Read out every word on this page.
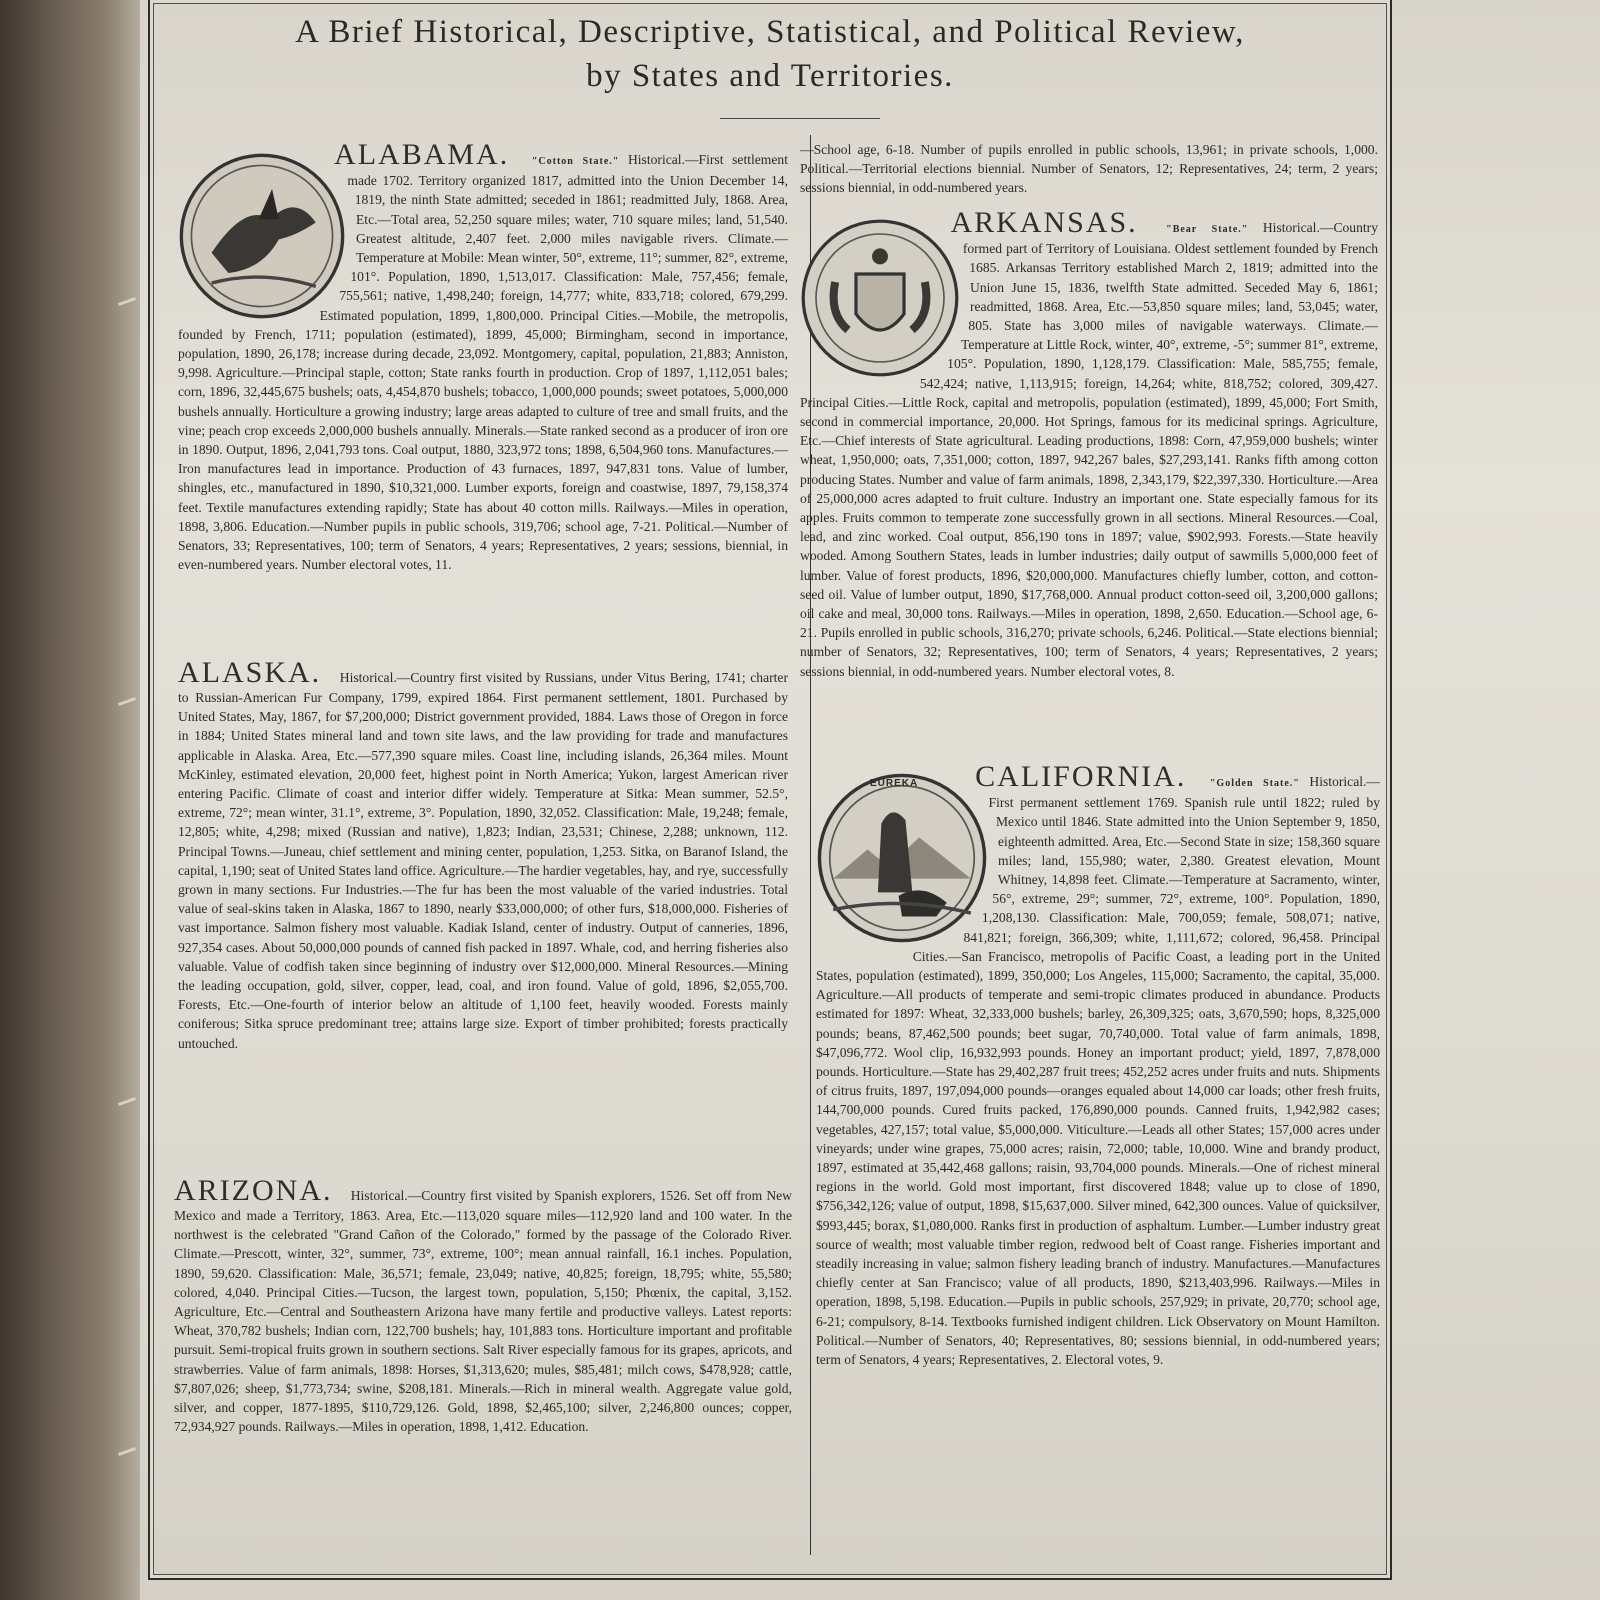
A Brief Historical, Descriptive, Statistical, and Political Review,
by States and Territories.

ALABAMA. "Cotton State." Historical.—First settlement made 1702. Territory organized 1817, admitted into the Union December 14, 1819, the ninth State admitted; seceded in 1861; readmitted July, 1868. Area, Etc.—Total area, 52,250 square miles; water, 710 square miles; land, 51,540. Greatest altitude, 2,407 feet. 2,000 miles navigable rivers. Climate.—Temperature at Mobile: Mean winter, 50°, extreme, 11°; summer, 82°, extreme, 101°. Population, 1890, 1,513,017. Classification: Male, 757,456; female, 755,561; native, 1,498,240; foreign, 14,777; white, 833,718; colored, 679,299. Estimated population, 1899, 1,800,000. Principal Cities.—Mobile, the metropolis, founded by French, 1711; population (estimated), 1899, 45,000; Birmingham, second in importance, population, 1890, 26,178; increase during decade, 23,092. Montgomery, capital, population, 21,883; Anniston, 9,998. Agriculture.—Principal staple, cotton; State ranks fourth in production. Crop of 1897, 1,112,051 bales; corn, 1896, 32,445,675 bushels; oats, 4,454,870 bushels; tobacco, 1,000,000 pounds; sweet potatoes, 5,000,000 bushels annually. Horticulture a growing industry; large areas adapted to culture of tree and small fruits, and the vine; peach crop exceeds 2,000,000 bushels annually. Minerals.—State ranked second as a producer of iron ore in 1890. Output, 1896, 2,041,793 tons. Coal output, 1880, 323,972 tons; 1898, 6,504,960 tons. Manufactures.—Iron manufactures lead in importance. Production of 43 furnaces, 1897, 947,831 tons. Value of lumber, shingles, etc., manufactured in 1890, $10,321,000. Lumber exports, foreign and coastwise, 1897, 79,158,374 feet. Textile manufactures extending rapidly; State has about 40 cotton mills. Railways.—Miles in operation, 1898, 3,806. Education.—Number pupils in public schools, 319,706; school age, 7-21. Political.—Number of Senators, 33; Representatives, 100; term of Senators, 4 years; Representatives, 2 years; sessions, biennial, in even-numbered years. Number electoral votes, 11.

ALASKA. Historical.—Country first visited by Russians, under Vitus Bering, 1741; charter to Russian-American Fur Company, 1799, expired 1864. First permanent settlement, 1801. Purchased by United States, May, 1867, for $7,200,000; District government provided, 1884. Laws those of Oregon in force in 1884; United States mineral land and town site laws, and the law providing for trade and manufactures applicable in Alaska. Area, Etc.—577,390 square miles. Coast line, including islands, 26,364 miles. Mount McKinley, estimated elevation, 20,000 feet, highest point in North America; Yukon, largest American river entering Pacific. Climate of coast and interior differ widely. Temperature at Sitka: Mean summer, 52.5°, extreme, 72°; mean winter, 31.1°, extreme, 3°. Population, 1890, 32,052. Classification: Male, 19,248; female, 12,805; white, 4,298; mixed (Russian and native), 1,823; Indian, 23,531; Chinese, 2,288; unknown, 112. Principal Towns.—Juneau, chief settlement and mining center, population, 1,253. Sitka, on Baranof Island, the capital, 1,190; seat of United States land office. Agriculture.—The hardier vegetables, hay, and rye, successfully grown in many sections. Fur Industries.—The fur has been the most valuable of the varied industries. Total value of seal-skins taken in Alaska, 1867 to 1890, nearly $33,000,000; of other furs, $18,000,000. Fisheries of vast importance. Salmon fishery most valuable. Kadiak Island, center of industry. Output of canneries, 1896, 927,354 cases. About 50,000,000 pounds of canned fish packed in 1897. Whale, cod, and herring fisheries also valuable. Value of codfish taken since beginning of industry over $12,000,000. Mineral Resources.—Mining the leading occupation, gold, silver, copper, lead, coal, and iron found. Value of gold, 1896, $2,055,700. Forests, Etc.—One-fourth of interior below an altitude of 1,100 feet, heavily wooded. Forests mainly coniferous; Sitka spruce predominant tree; attains large size. Export of timber prohibited; forests practically untouched.

ARIZONA. Historical.—Country first visited by Spanish explorers, 1526. Set off from New Mexico and made a Territory, 1863. Area, Etc.—113,020 square miles—112,920 land and 100 water. In the northwest is the celebrated "Grand Cañon of the Colorado," formed by the passage of the Colorado River. Climate.—Prescott, winter, 32°, summer, 73°, extreme, 100°; mean annual rainfall, 16.1 inches. Population, 1890, 59,620. Classification: Male, 36,571; female, 23,049; native, 40,825; foreign, 18,795; white, 55,580; colored, 4,040. Principal Cities.—Tucson, the largest town, population, 5,150; Phœnix, the capital, 3,152. Agriculture, Etc.—Central and Southeastern Arizona have many fertile and productive valleys. Latest reports: Wheat, 370,782 bushels; Indian corn, 122,700 bushels; hay, 101,883 tons. Horticulture important and profitable pursuit. Semi-tropical fruits grown in southern sections. Salt River especially famous for its grapes, apricots, and strawberries. Value of farm animals, 1898: Horses, $1,313,620; mules, $85,481; milch cows, $478,928; cattle, $7,807,026; sheep, $1,773,734; swine, $208,181. Minerals.—Rich in mineral wealth. Aggregate value gold, silver, and copper, 1877-1895, $110,729,126. Gold, 1898, $2,465,100; silver, 2,246,800 ounces; copper, 72,934,927 pounds. Railways.—Miles in operation, 1898, 1,412. Education.

—School age, 6-18. Number of pupils enrolled in public schools, 13,961; in private schools, 1,000. Political.—Territorial elections biennial. Number of Senators, 12; Representatives, 24; term, 2 years; sessions biennial, in odd-numbered years.

ARKANSAS.	"Bear State." Historical.—Country formed part of Territory of Louisiana. Oldest settlement founded by French 1685. Arkansas Territory established March 2, 1819; admitted into the Union June 15, 1836, twelfth State admitted. Seceded May 6, 1861; readmitted, 1868. Area, Etc.—53,850 square miles; land, 53,045; water, 805. State has 3,000 miles of navigable waterways. Climate.—Temperature at Little Rock, winter, 40°, extreme, -5°; summer 81°, extreme, 105°. Population, 1890, 1,128,179. Classification: Male, 585,755; female, 542,424; native, 1,113,915; foreign, 14,264; white, 818,752; colored, 309,427. Principal Cities.—Little Rock, capital and metropolis, population (estimated), 1899, 45,000; Fort Smith, second in commercial importance, 20,000. Hot Springs, famous for its medicinal springs. Agriculture, Etc.—Chief interests of State agricultural. Leading productions, 1898: Corn, 47,959,000 bushels; winter wheat, 1,950,000; oats, 7,351,000; cotton, 1897, 942,267 bales, $27,293,141. Ranks fifth among cotton producing States. Number and value of farm animals, 1898, 2,343,179, $22,397,330. Horticulture.—Area of 25,000,000 acres adapted to fruit culture. Industry an important one. State especially famous for its apples. Fruits common to temperate zone successfully grown in all sections. Mineral Resources.—Coal, lead, and zinc worked. Coal output, 856,190 tons in 1897; value, $902,993. Forests.—State heavily wooded. Among Southern States, leads in lumber industries; daily output of sawmills 5,000,000 feet of lumber. Value of forest products, 1896, $20,000,000. Manufactures chiefly lumber, cotton, and cotton-seed oil. Value of lumber output, 1890, $17,768,000. Annual product cotton-seed oil, 3,200,000 gallons; oil cake and meal, 30,000 tons. Railways.—Miles in operation, 1898, 2,650. Education.—School age, 6-21. Pupils enrolled in public schools, 316,270; private schools, 6,246. Political.—State elections biennial; number of Senators, 32; Representatives, 100; term of Senators, 4 years; Representatives, 2 years; sessions biennial, in odd-numbered years. Number electoral votes, 8.

EUREKA	CALIFORNIA. "Golden State." Historical.—First permanent settlement 1769. Spanish rule until 1822; ruled by Mexico until 1846. State admitted into the Union September 9, 1850, eighteenth admitted. Area, Etc.—Second State in size; 158,360 square miles; land, 155,980; water, 2,380. Greatest elevation, Mount Whitney, 14,898 feet. Climate.—Temperature at Sacramento, winter, 56°, extreme, 29°; summer, 72°, extreme, 100°. Population, 1890, 1,208,130. Classification: Male, 700,059; female, 508,071; native, 841,821; foreign, 366,309; white, 1,111,672; colored, 96,458. Principal Cities.—San Francisco, metropolis of Pacific Coast, a leading port in the United States, population (estimated), 1899, 350,000; Los Angeles, 115,000; Sacramento, the capital, 35,000. Agriculture.—All products of temperate and semi-tropic climates produced in abundance. Products estimated for 1897: Wheat, 32,333,000 bushels; barley, 26,309,325; oats, 3,670,590; hops, 8,325,000 pounds; beans, 87,462,500 pounds; beet sugar, 70,740,000. Total value of farm animals, 1898, $47,096,772. Wool clip, 16,932,993 pounds. Honey an important product; yield, 1897, 7,878,000 pounds. Horticulture.—State has 29,402,287 fruit trees; 452,252 acres under fruits and nuts. Shipments of citrus fruits, 1897, 197,094,000 pounds—oranges equaled about 14,000 car loads; other fresh fruits, 144,700,000 pounds. Cured fruits packed, 176,890,000 pounds. Canned fruits, 1,942,982 cases; vegetables, 427,157; total value, $5,000,000. Viticulture.—Leads all other States; 157,000 acres under vineyards; under wine grapes, 75,000 acres; raisin, 72,000; table, 10,000. Wine and brandy product, 1897, estimated at 35,442,468 gallons; raisin, 93,704,000 pounds. Minerals.—One of richest mineral regions in the world. Gold most important, first discovered 1848; value up to close of 1890, $756,342,126; value of output, 1898, $15,637,000. Silver mined, 642,300 ounces. Value of quicksilver, $993,445; borax, $1,080,000. Ranks first in production of asphaltum. Lumber.—Lumber industry great source of wealth; most valuable timber region, redwood belt of Coast range. Fisheries important and steadily increasing in value; salmon fishery leading branch of industry. Manufactures.—Manufactures chiefly center at San Francisco; value of all products, 1890, $213,403,996. Railways.—Miles in operation, 1898, 5,198. Education.—Pupils in public schools, 257,929; in private, 20,770; school age, 6-21; compulsory, 8-14. Textbooks furnished indigent children. Lick Observatory on Mount Hamilton. Political.—Number of Senators, 40; Representatives, 80; sessions biennial, in odd-numbered years; term of Senators, 4 years; Representatives, 2. Electoral votes, 9.
